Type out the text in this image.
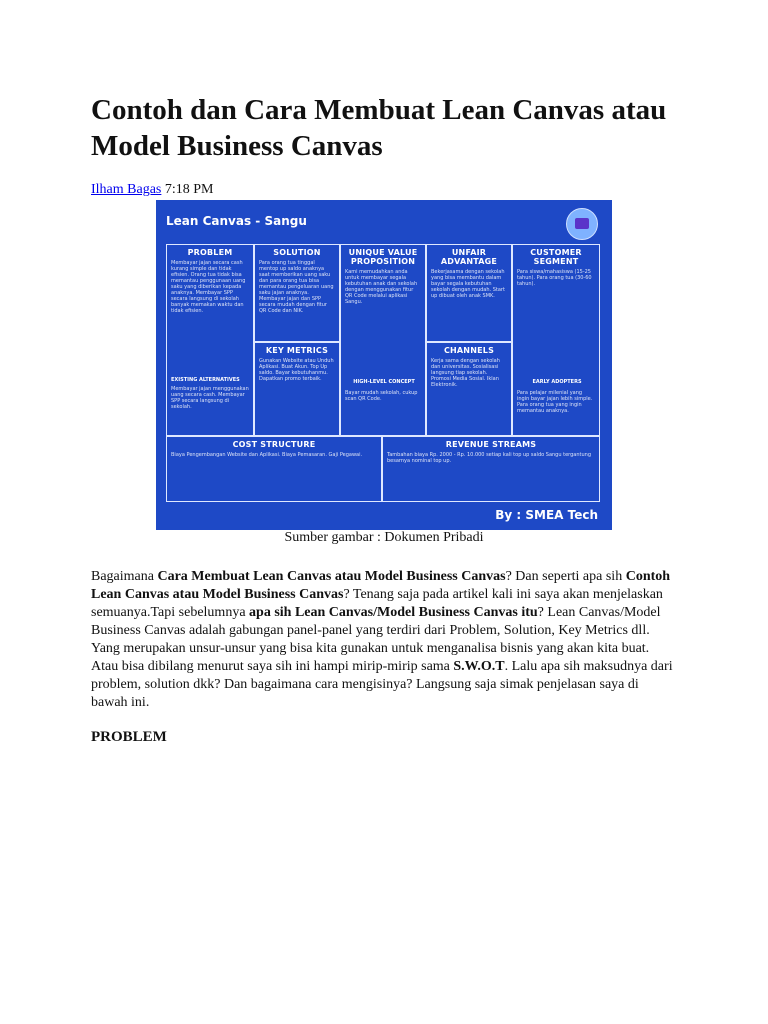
Contoh dan Cara Membuat Lean Canvas atau Model Business Canvas
Ilham Bagas 7:18 PM
Lean Canvas - Sangu
PROBLEM
Membayar jajan secara cash kurang simple dan tidak efisien. Orang tua tidak bisa memantau penggunaan uang saku yang diberikan kepada anaknya. Membayar SPP secara langsung di sekolah banyak memakan waktu dan tidak efisien.
EXISTING ALTERNATIVES
Membayar jajan menggunakan uang secara cash. Membayar SPP secara langsung di sekolah.
SOLUTION
Para orang tua tinggal mentop up saldo anaknya saat memberikan uang saku dan para orang tua bisa memantau pengeluaran uang saku jajan anaknya. Membayar jajan dan SPP secara mudah dengan fitur QR Code dan NIK.
KEY METRICS
Gunakan Website atau Unduh Aplikasi. Buat Akun. Top Up saldo. Bayar kebutuhanmu. Dapatkan promo terbaik.
UNIQUE VALUE PROPOSITION
Kami memudahkan anda untuk membayar segala kebutuhan anak dan sekolah dengan menggunakan fitur QR Code melalui aplikasi Sangu.
HIGH-LEVEL CONCEPT
Bayar mudah sekolah, cukup scan QR Code.
UNFAIR ADVANTAGE
Bekerjasama dengan sekolah yang bisa membantu dalam bayar segala kebutuhan sekolah dengan mudah. Start up dibuat oleh anak SMK.
CHANNELS
Kerja sama dengan sekolah dan universitas. Sosialisasi langsung tiap sekolah. Promosi Media Sosial. Iklan Elektronik.
CUSTOMER SEGMENT
Para siswa/mahasiswa (15-25 tahun). Para orang tua (30-60 tahun).
EARLY ADOPTERS
Para pelajar milenial yang ingin bayar jajan lebih simple. Para orang tua yang ingin memantau anaknya.
COST STRUCTURE
Biaya Pengembangan Website dan Aplikasi. Biaya Pemasaran. Gaji Pegawai.
REVENUE STREAMS
Tambahan biaya Rp. 2000 - Rp. 10.000 setiap kali top up saldo Sangu tergantung besarnya nominal top up.
By : SMEA Tech
Sumber gambar : Dokumen Pribadi

Bagaimana Cara Membuat Lean Canvas atau Model Business Canvas? Dan seperti apa sih Contoh Lean Canvas atau Model Business Canvas? Tenang saja pada artikel kali ini saya akan menjelaskan semuanya.Tapi sebelumnya apa sih Lean Canvas/Model Business Canvas itu? Lean Canvas/Model Business Canvas adalah gabungan panel-panel yang terdiri dari Problem, Solution, Key Metrics dll. Yang merupakan unsur-unsur yang bisa kita gunakan untuk menganalisa bisnis yang akan kita buat. Atau bisa dibilang menurut saya sih ini hampi mirip-mirip sama S.W.O.T. Lalu apa sih maksudnya dari problem, solution dkk? Dan bagaimana cara mengisinya? Langsung saja simak penjelasan saya di bawah ini.

PROBLEM
